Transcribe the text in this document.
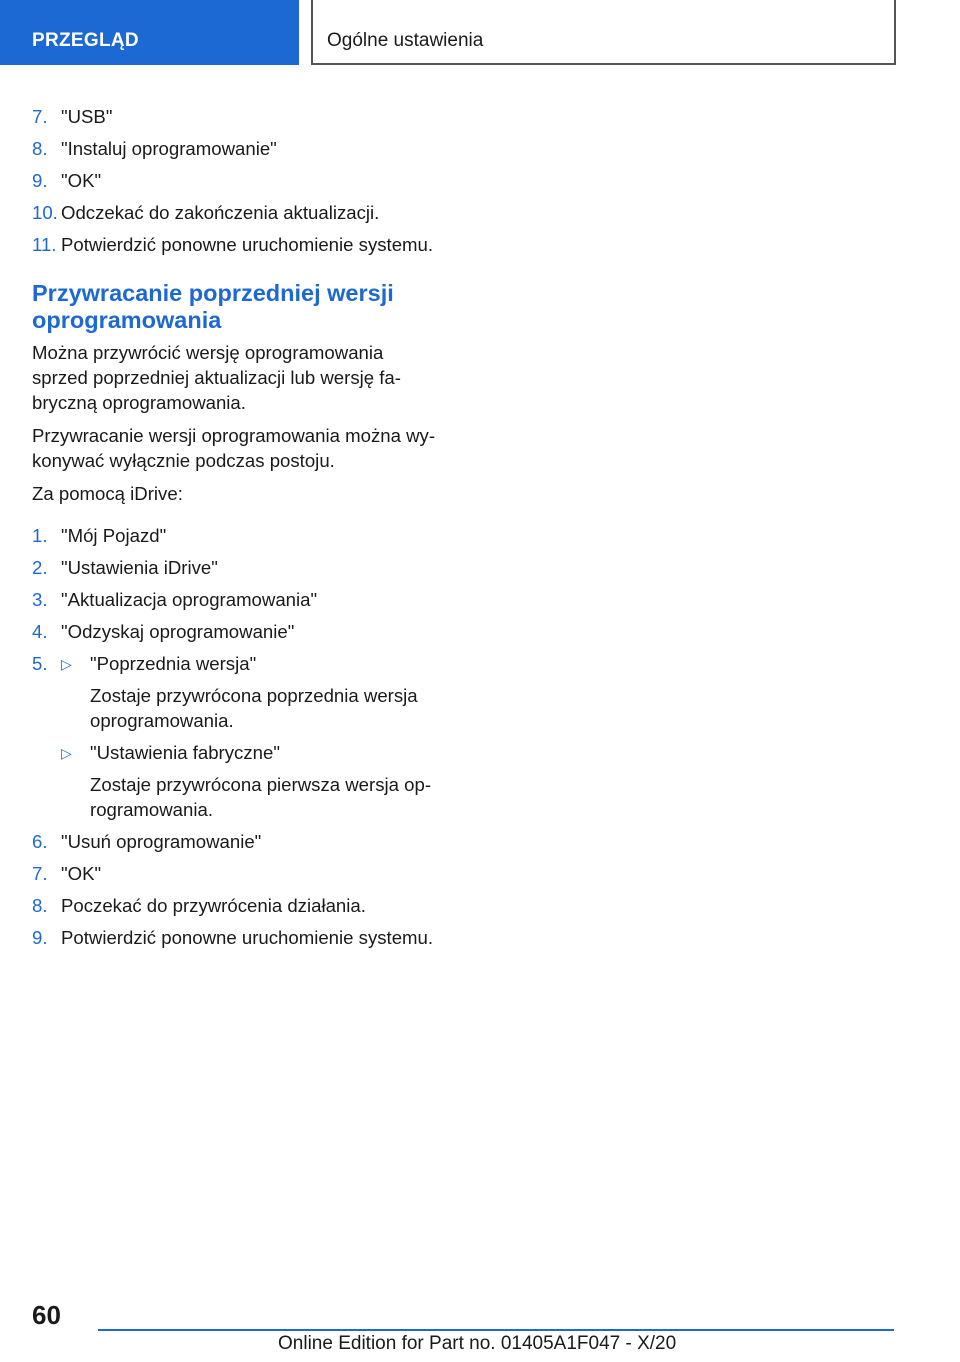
PRZEGLĄD	Ogólne ustawienia
7. "USB"
8. "Instaluj oprogramowanie"
9. "OK"
10. Odczekać do zakończenia aktualizacji.
11. Potwierdzić ponowne uruchomienie systemu.
Przywracanie poprzedniej wersji
oprogramowania

Można przywrócić wersję oprogramowania
sprzed poprzedniej aktualizacji lub wersję fa-
bryczną oprogramowania.

Przywracanie wersji oprogramowania można wy-
konywać wyłącznie podczas postoju.

Za pomocą iDrive:

1. "Mój Pojazd"
2. "Ustawienia iDrive"
3. "Aktualizacja oprogramowania"
4. "Odzyskaj oprogramowanie"
5. ▷ "Poprzednia wersja"

Zostaje przywrócona poprzednia wersja
oprogramowania.

▷ "Ustawienia fabryczne"

Zostaje przywrócona pierwsza wersja op-
rogramowania.

6. "Usuń oprogramowanie"
7. "OK"
8. Poczekać do przywrócenia działania.
9. Potwierdzić ponowne uruchomienie systemu.
60
Online Edition for Part no. 01405A1F047 - X/20
